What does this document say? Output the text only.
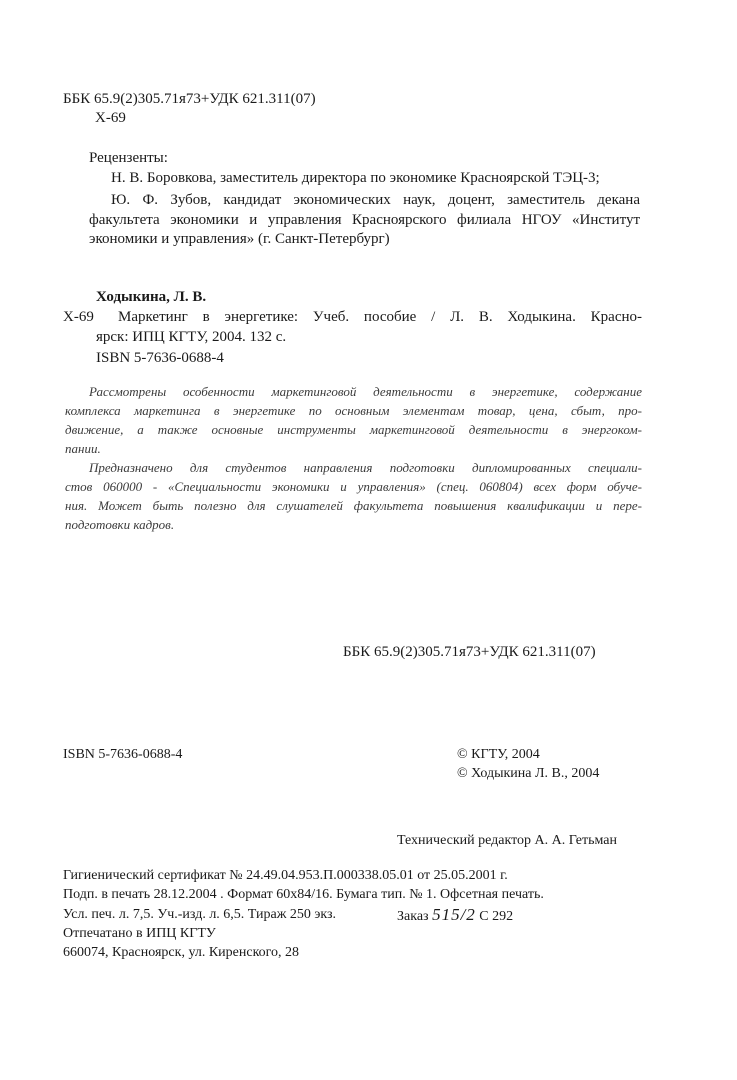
ББК 65.9(2)305.71я73+УДК 621.311(07)
Х-69
Рецензенты:
Н. В. Боровкова, заместитель директора по экономике Красноярской ТЭЦ-3;
Ю. Ф. Зубов, кандидат экономических наук, доцент, заместитель декана
факультета экономики и управления Красноярского филиала НГОУ «Институт
экономики и управления» (г. Санкт-Петербург)
Ходыкина, Л. В.
Х-69 Маркетинг в энергетике: Учеб. пособие / Л. В. Ходыкина. Красно-
ярск: ИПЦ КГТУ, 2004. 132 с.
ISBN 5-7636-0688-4
Рассмотрены особенности маркетинговой деятельности в энергетике, содержание
комплекса маркетинга в энергетике по основным элементам товар, цена, сбыт, про-
движение, а также основные инструменты маркетинговой деятельности в энергоком-
пании.
Предназначено для студентов направления подготовки дипломированных специали-
стов 060000 - «Специальности экономики и управления» (спец. 060804) всех форм обуче-
ния. Может быть полезно для слушателей факультета повышения квалификации и пере-
подготовки кадров.
ББК 65.9(2)305.71я73+УДК 621.311(07)
ISBN 5-7636-0688-4	© КГТУ, 2004
© Ходыкина Л. В., 2004
Технический редактор А. А. Гетьман
Гигиенический сертификат № 24.49.04.953.П.000338.05.01 от 25.05.2001 г.
Подп. в печать 28.12.2004 . Формат 60х84/16. Бумага тип. № 1. Офсетная печать.
Усл. печ. л. 7,5. Уч.-изд. л. 6,5. Тираж 250 экз.	Заказ 515/2 С 292
Отпечатано в ИПЦ КГТУ
660074, Красноярск, ул. Киренского, 28
